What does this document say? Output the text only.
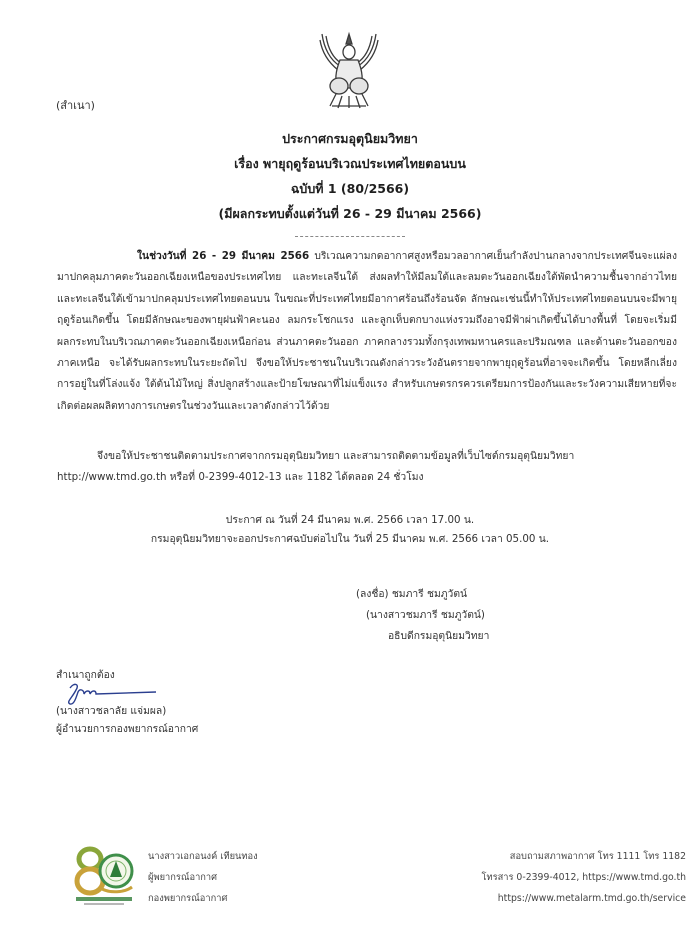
(สำเนา)
ประกาศกรมอุตุนิยมวิทยา
เรื่อง พายุฤดูร้อนบริเวณประเทศไทยตอนบน
ฉบับที่ 1 (80/2566)
(มีผลกระทบตั้งแต่วันที่ 26 - 29 มีนาคม 2566)

ในช่วงวันที่ 26 - 29 มีนาคม 2566 บริเวณความกดอากาศสูงหรือมวลอากาศเย็นกำลังปานกลางจากประเทศจีนจะแผ่ลงมาปกคลุมภาคตะวันออกเฉียงเหนือของประเทศไทย และทะเลจีนใต้ ส่งผลทำให้มีลมใต้และลมตะวันออกเฉียงใต้พัดนำความชื้นจากอ่าวไทยและทะเลจีนใต้เข้ามาปกคลุมประเทศไทยตอนบน ในขณะที่ประเทศไทยมีอากาศร้อนถึงร้อนจัด ลักษณะเช่นนี้ทำให้ประเทศไทยตอนบนจะมีพายุฤดูร้อนเกิดขึ้น โดยมีลักษณะของพายุฝนฟ้าคะนอง ลมกระโชกแรง และลูกเห็บตกบางแห่งรวมถึงอาจมีฟ้าผ่าเกิดขึ้นได้บางพื้นที่ โดยจะเริ่มมีผลกระทบในบริเวณภาคตะวันออกเฉียงเหนือก่อน ส่วนภาคตะวันออก ภาคกลางรวมทั้งกรุงเทพมหานครและปริมณฑล และด้านตะวันออกของภาคเหนือ จะได้รับผลกระทบในระยะถัดไป จึงขอให้ประชาชนในบริเวณดังกล่าวระวังอันตรายจากพายุฤดูร้อนที่อาจจะเกิดขึ้น โดยหลีกเลี่ยงการอยู่ในที่โล่งแจ้ง ใต้ต้นไม้ใหญ่ สิ่งปลูกสร้างและป้ายโฆษณาที่ไม่แข็งแรง สำหรับเกษตรกรควรเตรียมการป้องกันและระวังความเสียหายที่จะเกิดต่อผลผลิตทางการเกษตรในช่วงวันและเวลาดังกล่าวไว้ด้วย

จึงขอให้ประชาชนติดตามประกาศจากกรมอุตุนิยมวิทยา และสามารถติดตามข้อมูลที่เว็บไซต์กรมอุตุนิยมวิทยา
http://www.tmd.go.th หรือที่ 0-2399-4012-13 และ 1182 ได้ตลอด 24 ชั่วโมง
ประกาศ ณ วันที่ 24 มีนาคม พ.ศ. 2566 เวลา 17.00 น.
กรมอุตุนิยมวิทยาจะออกประกาศฉบับต่อไปใน วันที่ 25 มีนาคม พ.ศ. 2566 เวลา 05.00 น.
(ลงชื่อ) ชมภารี ชมภูวัตน์
(นางสาวชมภารี ชมภูวัตน์)
อธิบดีกรมอุตุนิยมวิทยา
สำเนาถูกต้อง
(นางสาวชลาลัย แจ่มผล)
ผู้อำนวยการกองพยากรณ์อากาศ
นางสาวเอกอนงค์ เทียนทอง
ผู้พยากรณ์อากาศ
กองพยากรณ์อากาศ
สอบถามสภาพอากาศ โทร 1111 โทร 1182
โทรสาร 0-2399-4012, https://www.tmd.go.th
https://www.metalarm.tmd.go.th/service
